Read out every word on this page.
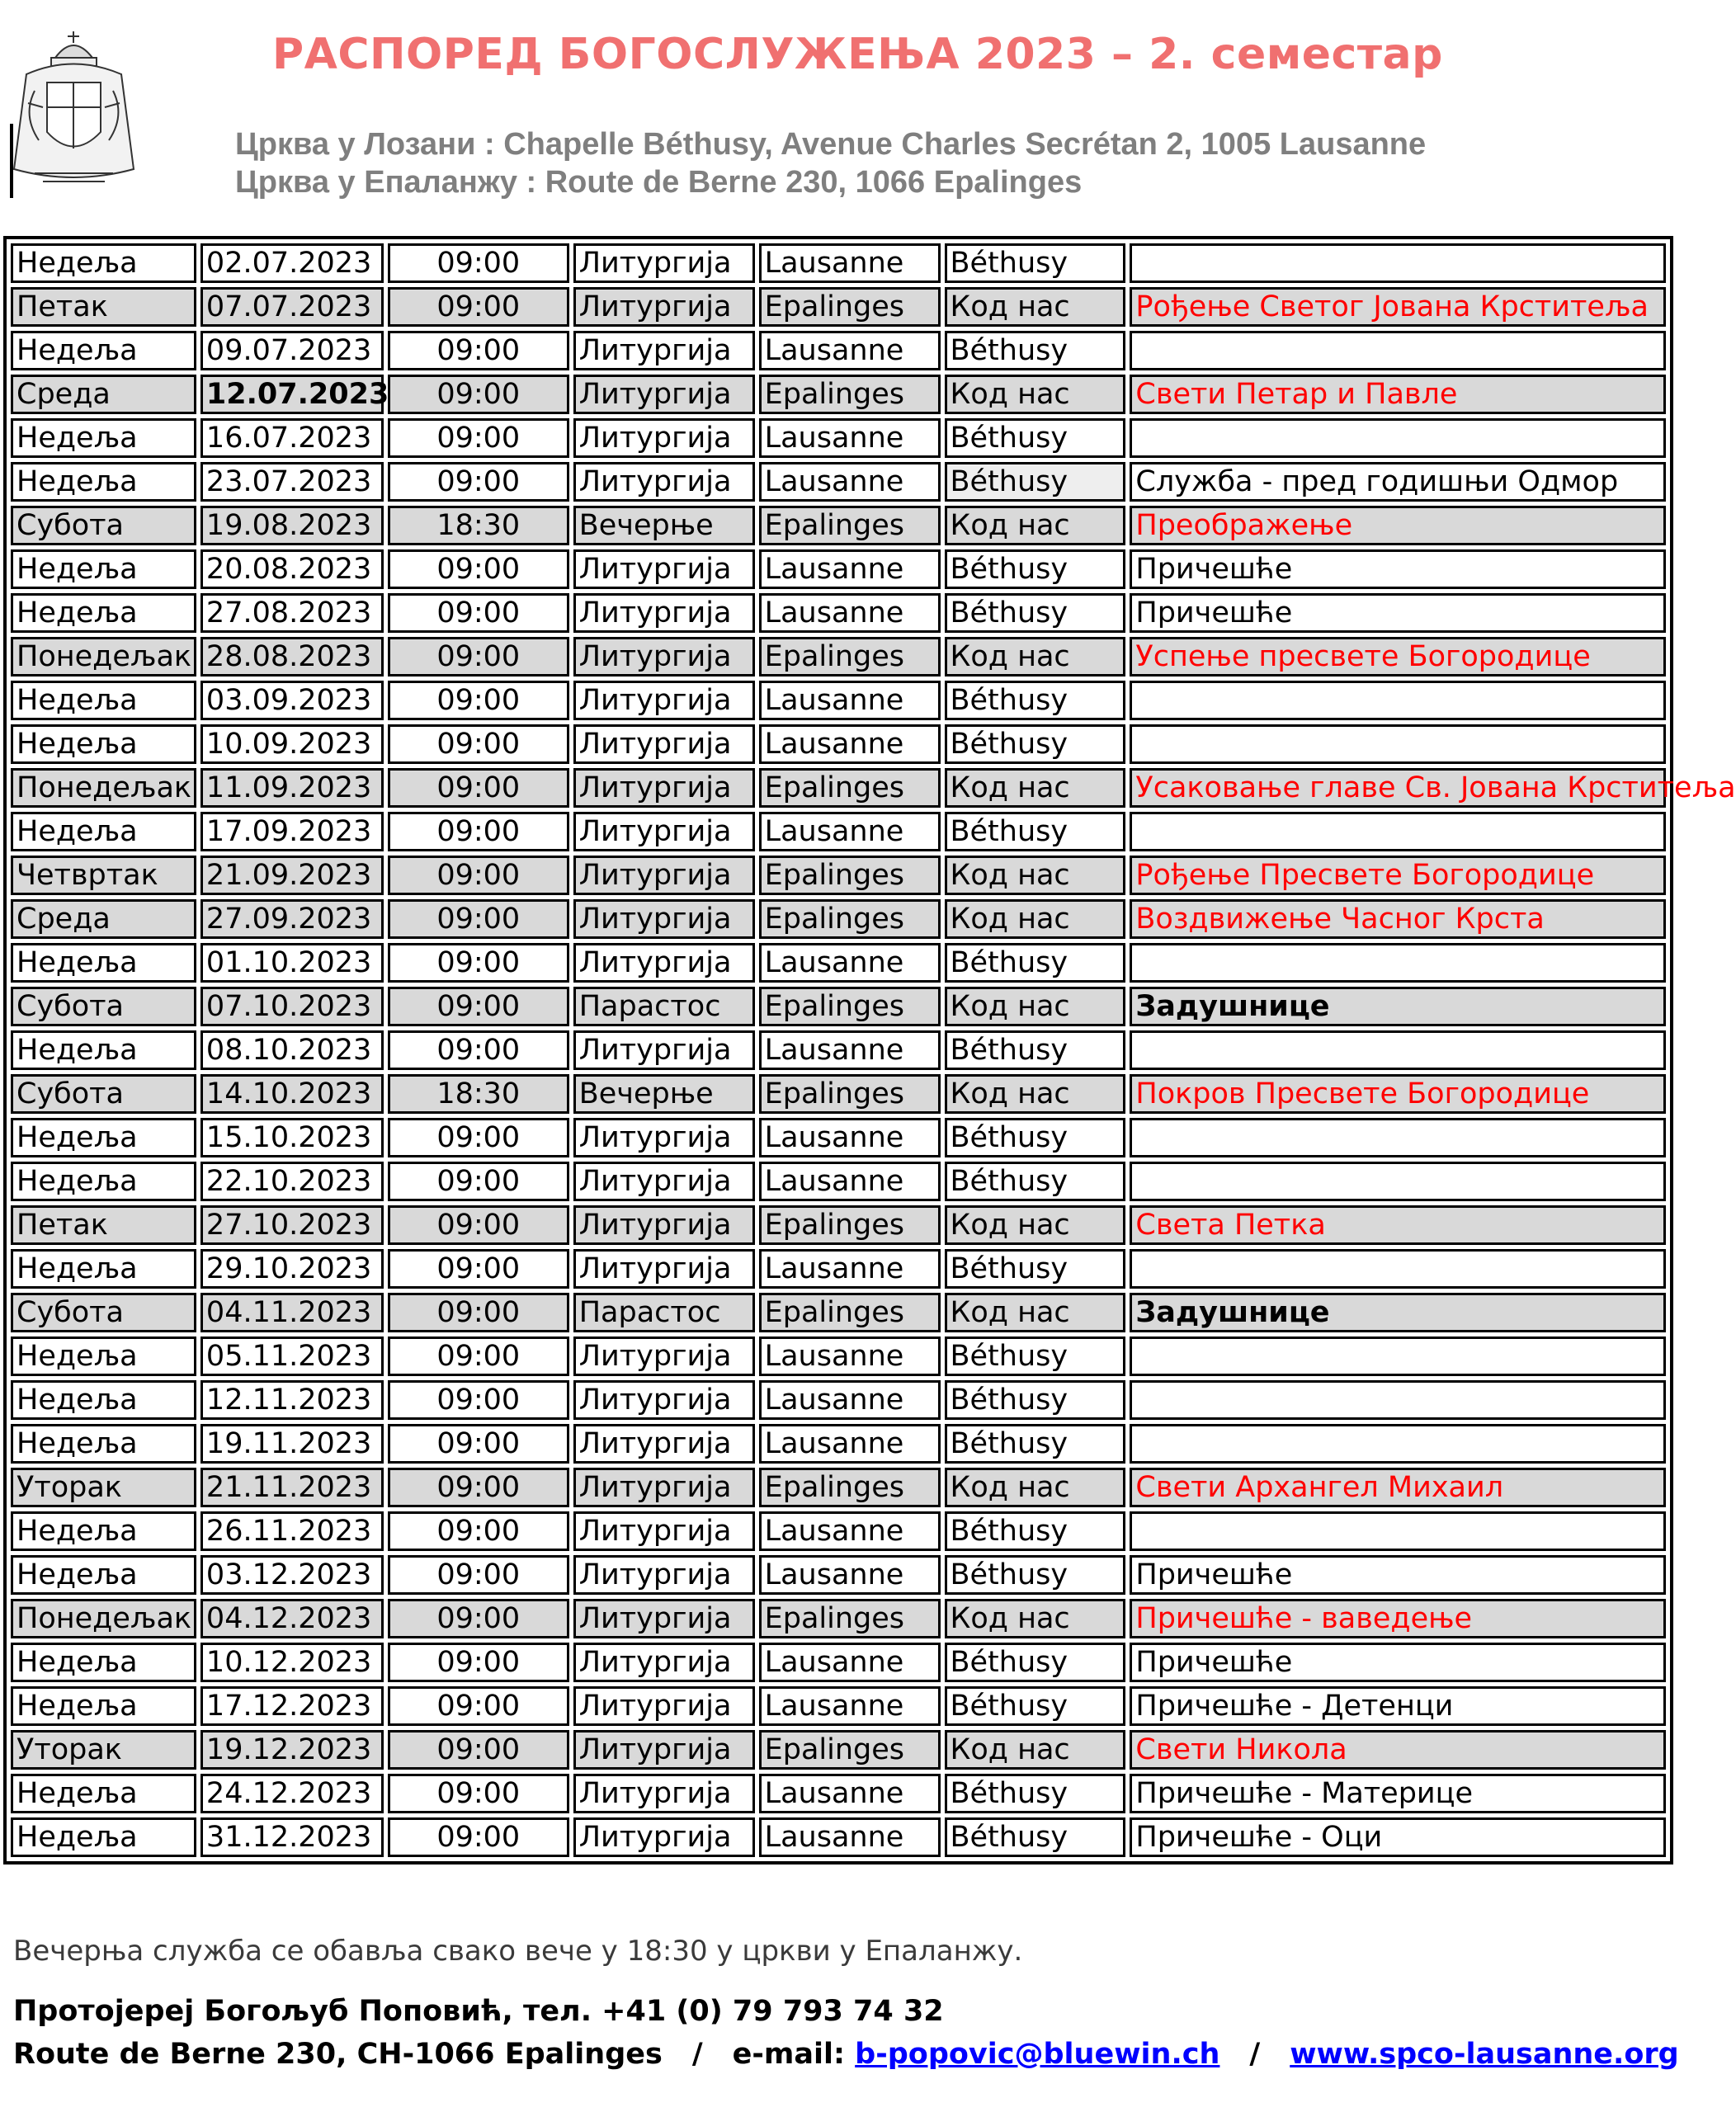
РАСПОРЕД БОГОСЛУЖЕЊА 2023 – 2. семестар
Црква у Лозани : Chapelle Béthusy, Avenue Charles Secrétan 2, 1005 Lausanne
Црква у Епаланжу : Route de Berne 230, 1066 Epalinges
Недеља	02.07.2023	09:00	Литургија	Lausanne	Béthusy	
Петак	07.07.2023	09:00	Литургија	Epalinges	Код нас	Рођење Светог Јована Крститеља
Недеља	09.07.2023	09:00	Литургија	Lausanne	Béthusy	
Среда	12.07.2023	09:00	Литургија	Epalinges	Код нас	Свети Петар и Павле
Недеља	16.07.2023	09:00	Литургија	Lausanne	Béthusy	
Недеља	23.07.2023	09:00	Литургија	Lausanne	Béthusy	Служба - пред годишњи Одмор
Субота	19.08.2023	18:30	Вечерње	Epalinges	Код нас	Преображење
Недеља	20.08.2023	09:00	Литургија	Lausanne	Béthusy	Причешће
Недеља	27.08.2023	09:00	Литургија	Lausanne	Béthusy	Причешће
Понедељак	28.08.2023	09:00	Литургија	Epalinges	Код нас	Успење пресвете Богородице
Недеља	03.09.2023	09:00	Литургија	Lausanne	Béthusy	
Недеља	10.09.2023	09:00	Литургија	Lausanne	Béthusy	
Понедељак	11.09.2023	09:00	Литургија	Epalinges	Код нас	Усаковање главе Св. Јована Крститеља
Недеља	17.09.2023	09:00	Литургија	Lausanne	Béthusy	
Четвртак	21.09.2023	09:00	Литургија	Epalinges	Код нас	Рођење Пресвете Богородице
Среда	27.09.2023	09:00	Литургија	Epalinges	Код нас	Воздвижење Часног Крста
Недеља	01.10.2023	09:00	Литургија	Lausanne	Béthusy	
Субота	07.10.2023	09:00	Парастос	Epalinges	Код нас	Задушнице
Недеља	08.10.2023	09:00	Литургија	Lausanne	Béthusy	
Субота	14.10.2023	18:30	Вечерње	Epalinges	Код нас	Покров Пресвете Богородице
Недеља	15.10.2023	09:00	Литургија	Lausanne	Béthusy	
Недеља	22.10.2023	09:00	Литургија	Lausanne	Béthusy	
Петак	27.10.2023	09:00	Литургија	Epalinges	Код нас	Света Петка
Недеља	29.10.2023	09:00	Литургија	Lausanne	Béthusy	
Субота	04.11.2023	09:00	Парастос	Epalinges	Код нас	Задушнице
Недеља	05.11.2023	09:00	Литургија	Lausanne	Béthusy	
Недеља	12.11.2023	09:00	Литургија	Lausanne	Béthusy	
Недеља	19.11.2023	09:00	Литургија	Lausanne	Béthusy	
Уторак	21.11.2023	09:00	Литургија	Epalinges	Код нас	Свети Архангел Михаил
Недеља	26.11.2023	09:00	Литургија	Lausanne	Béthusy	
Недеља	03.12.2023	09:00	Литургија	Lausanne	Béthusy	Причешће
Понедељак	04.12.2023	09:00	Литургија	Epalinges	Код нас	Причешће - ваведење
Недеља	10.12.2023	09:00	Литургија	Lausanne	Béthusy	Причешће
Недеља	17.12.2023	09:00	Литургија	Lausanne	Béthusy	Причешће - Детенци
Уторак	19.12.2023	09:00	Литургија	Epalinges	Код нас	Свети Никола
Недеља	24.12.2023	09:00	Литургија	Lausanne	Béthusy	Причешће - Материце
Недеља	31.12.2023	09:00	Литургија	Lausanne	Béthusy	Причешће - Оци
Вечерња служба се обавља свако вече у 18:30 у цркви у Епаланжу.
Протојереј Богољуб Поповић, тел. +41 (0) 79 793 74 32
Route de Berne 230, CH-1066 Epalinges / e-mail: b-popovic@bluewin.ch / www.spco-lausanne.org
